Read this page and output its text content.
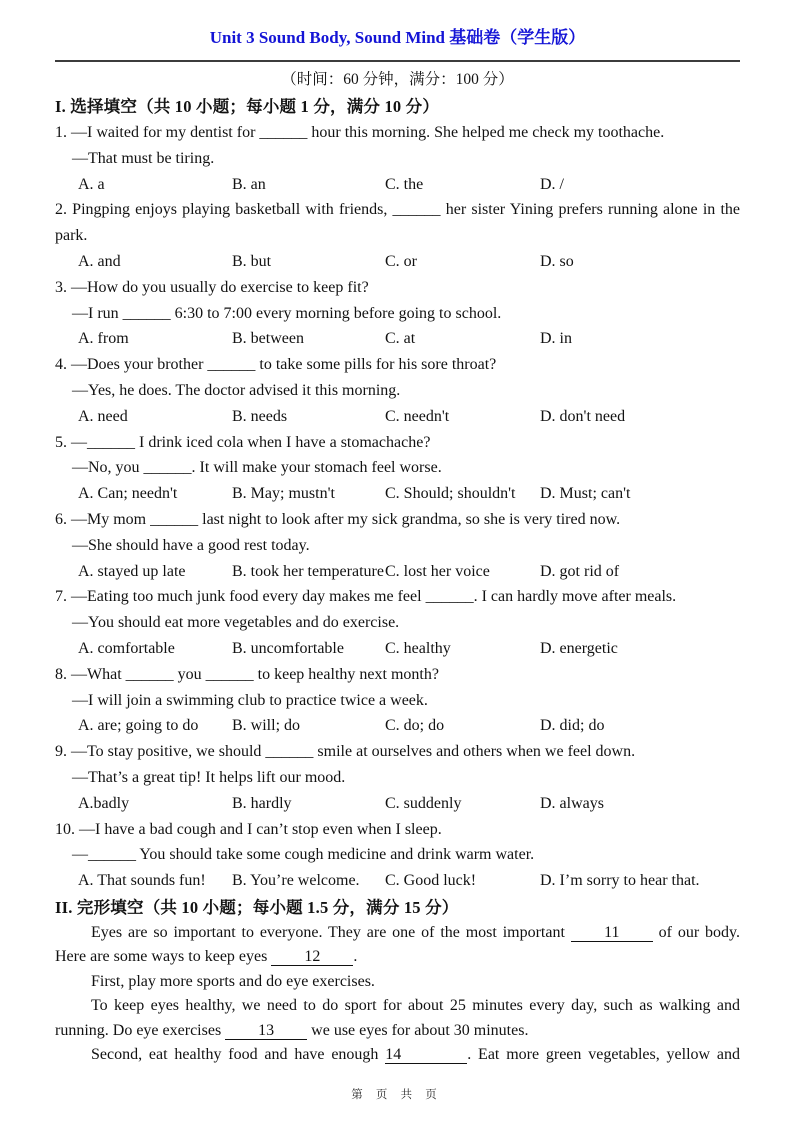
Unit 3 Sound Body, Sound Mind 基础卷（学生版）
（时间：60 分钟，满分：100 分）
I. 选择填空（共 10 小题；每小题 1 分，满分 10 分）
1. —I waited for my dentist for ______ hour this morning. She helped me check my toothache.
—That must be tiring.
A. a	B. an	C. the	D. /
2. Pingping enjoys playing basketball with friends, ______ her sister Yining prefers running alone in the park.
A. and	B. but	C. or	D. so
3. —How do you usually do exercise to keep fit?
—I run ______ 6:30 to 7:00 every morning before going to school.
A. from	B. between	C. at	D. in
4. —Does your brother ______ to take some pills for his sore throat?
—Yes, he does. The doctor advised it this morning.
A. need	B. needs	C. needn't	D. don't need
5. —______ I drink iced cola when I have a stomachache?
—No, you ______. It will make your stomach feel worse.
A. Can; needn't	B. May; mustn't	C. Should; shouldn't	D. Must; can't
6. —My mom ______ last night to look after my sick grandma, so she is very tired now.
—She should have a good rest today.
A. stayed up late	B. took her temperature C. lost her voice	D. got rid of
7. —Eating too much junk food every day makes me feel ______. I can hardly move after meals.
—You should eat more vegetables and do exercise.
A. comfortable	B. uncomfortable	C. healthy	D. energetic
8. —What ______ you ______ to keep healthy next month?
—I will join a swimming club to practice twice a week.
A. are; going to do	B. will; do	C. do; do	D. did; do
9. —To stay positive, we should ______ smile at ourselves and others when we feel down.
—That’s a great tip! It helps lift our mood.
A.badly	B. hardly	C. suddenly	D. always
10. —I have a bad cough and I can’t stop even when I sleep.
—______ You should take some cough medicine and drink warm water.
A. That sounds fun!	B. You’re welcome.	C. Good luck!	D. I’m sorry to hear that.
II. 完形填空（共 10 小题；每小题 1.5 分，满分 15 分）

Eyes are so important to everyone. They are one of the most important 11 of our body. Here are some ways to keep eyes 12 .

First, play more sports and do eye exercises.

To keep eyes healthy, we need to do sport for about 25 minutes every day, such as walking and running. Do eye exercises 13 we use eyes for about 30 minutes.

Second, eat healthy food and have enough 14	. Eat more green vegetables, yellow and

第 页 共 页
